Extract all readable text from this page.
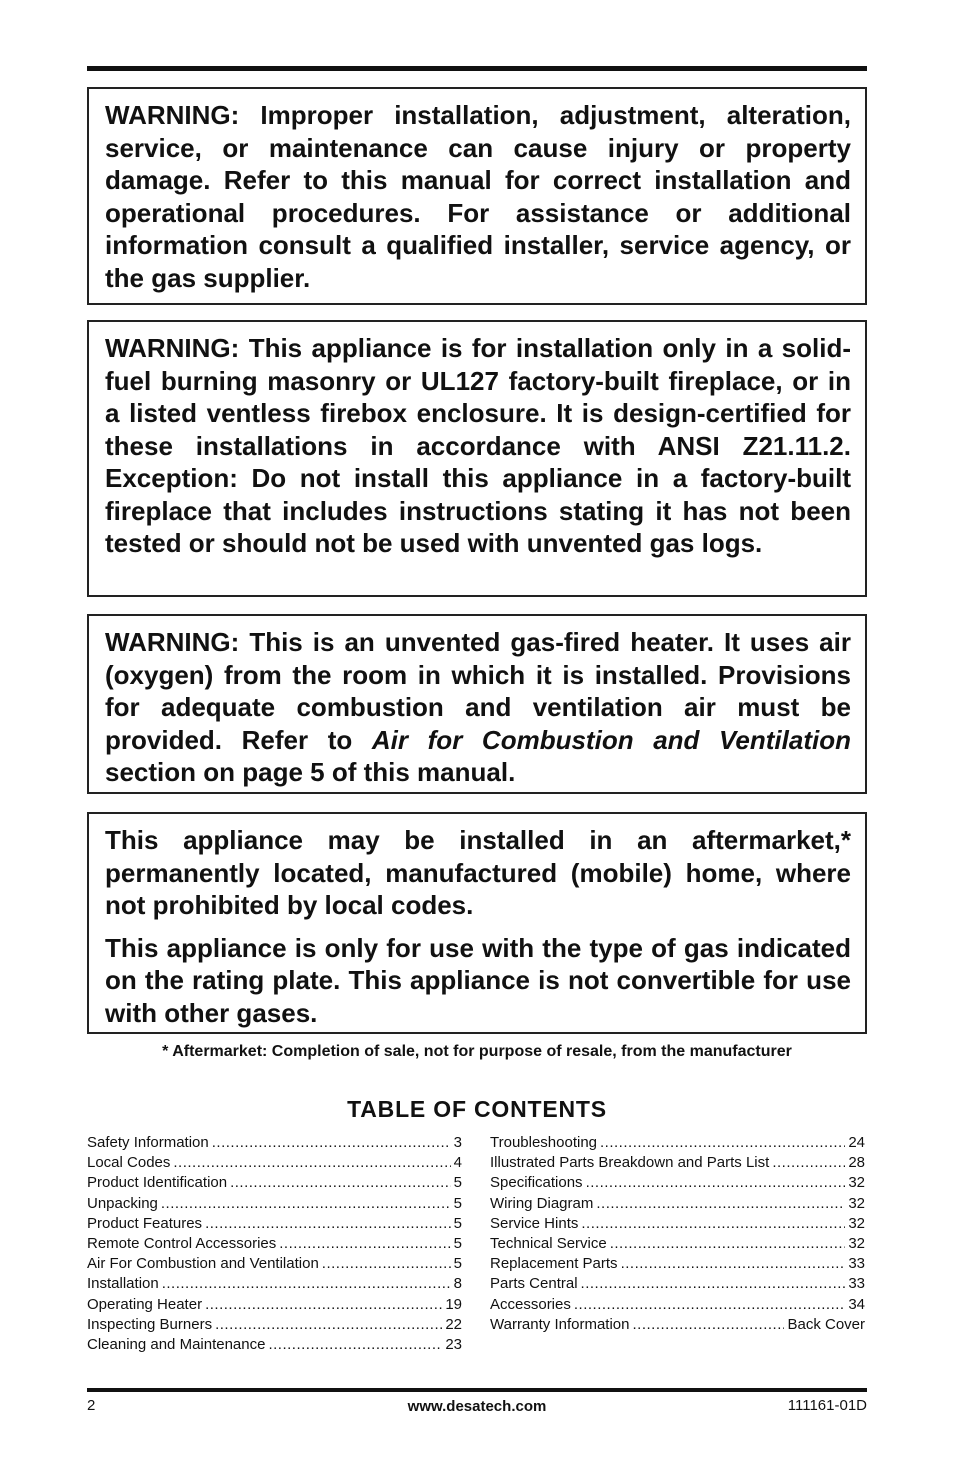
WARNING: Improper installation, adjustment, alteration, service, or maintenance can cause injury or property damage. Refer to this manual for correct installation and operational procedures. For assistance or additional information consult a qualified installer, service agency, or the gas supplier.

WARNING: This appliance is for installation only in a solid-fuel burning masonry or UL127 factory-built fireplace, or in a listed ventless firebox enclosure. It is design-certified for these installations in accordance with ANSI Z21.11.2. Exception: Do not install this appliance in a factory-built fireplace that includes instructions stating it has not been tested or should not be used with unvented gas logs.

WARNING: This is an unvented gas-fired heater. It uses air (oxygen) from the room in which it is installed. Provisions for adequate combustion and ventilation air must be provided. Refer to Air for Combustion and Ventilation section on page 5 of this manual.

This appliance may be installed in an aftermarket,* permanently located, manufactured (mobile) home, where not prohibited by local codes.

This appliance is only for use with the type of gas indicated on the rating plate. This appliance is not convertible for use with other gases.

* Aftermarket: Completion of sale, not for purpose of resale, from the manufacturer
TABLE OF CONTENTS
Safety Information .....	3
Local Codes .....	4
Product Identification .....	5
Unpacking .....	5
Product Features .....	5
Remote Control Accessories .....	5
Air For Combustion and Ventilation .....	5
Installation .....	8
Operating Heater .....	19
Inspecting Burners .....	22
Cleaning and Maintenance .....	23
Troubleshooting .....	24
Illustrated Parts Breakdown and Parts List .....	28
Specifications .....	32
Wiring Diagram .....	32
Service Hints .....	32
Technical Service .....	32
Replacement Parts .....	33
Parts Central .....	33
Accessories .....	34
Warranty Information .....	Back Cover
2	www.desatech.com	111161-01D
